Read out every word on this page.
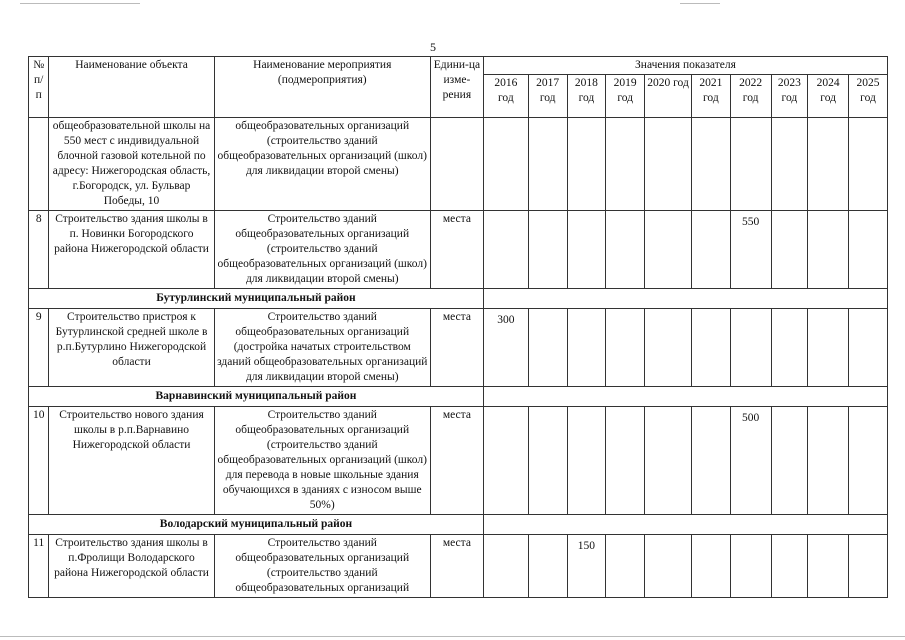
5
№ п/п	Наименование объекта	Наименование мероприятия (подмероприятия)	Едини-ца изме-рения	Значения показателя									
				2016 год	2017 год	2018 год	2019 год	2020 год	2021 год	2022 год	2023 год	2024 год	2025 год
	общеобразовательной школы на 550 мест с индивидуальной блочной газовой котельной по адресу: Нижегородская область, г.Богородск, ул. Бульвар Победы, 10	общеобразовательных организаций (строительство зданий общеобразовательных организаций (школ) для ликвидации второй смены)											
8	Строительство здания школы в п. Новинки Богородского района Нижегородской области	Строительство зданий общеобразовательных организаций (строительство зданий общеобразовательных организаций (школ) для ликвидации второй смены)	места							550			
Бутурлинский муниципальный район													
9	Строительство пристроя к Бутурлинской средней школе в р.п.Бутурлино Нижегородской области	Строительство зданий общеобразовательных организаций (достройка начатых строительством зданий общеобразовательных организаций для ликвидации второй смены)	места	300									
Варнавинский муниципальный район													
10	Строительство нового здания школы в р.п.Варнавино Нижегородской области	Строительство зданий общеобразовательных организаций (строительство зданий общеобразовательных организаций (школ) для перевода в новые школьные здания обучающихся в зданиях с износом выше 50%)	места							500			
Володарский муниципальный район													
11	Строительство здания школы в п.Фролищи Володарского района Нижегородской области	Строительство зданий общеобразовательных организаций (строительство зданий общеобразовательных организаций	места			150							
